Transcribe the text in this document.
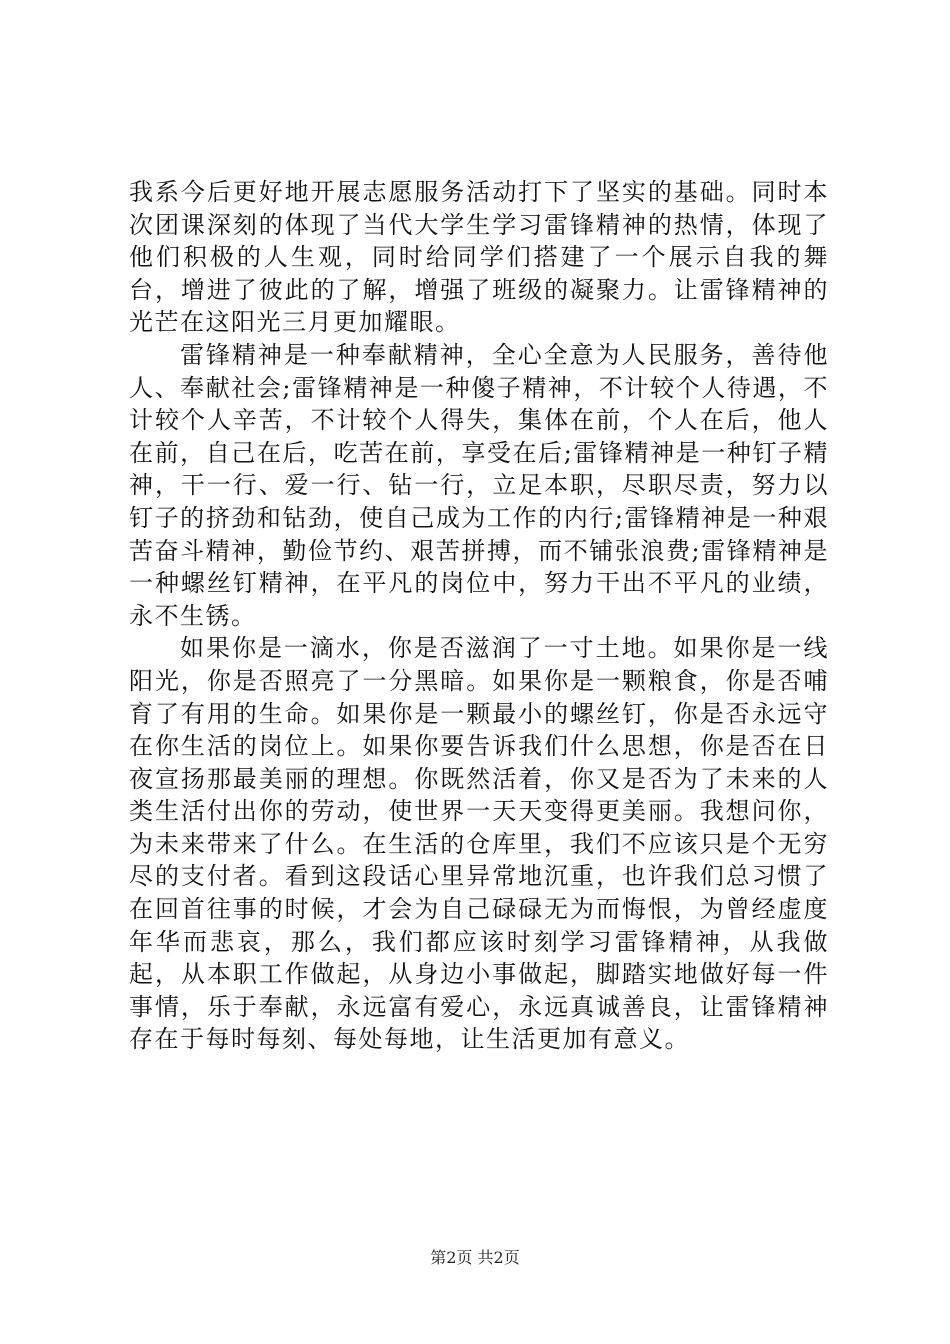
我系今后更好地开展志愿服务活动打下了坚实的基础。同时本次团课深刻的体现了当代大学生学习雷锋精神的热情，体现了他们积极的人生观，同时给同学们搭建了一个展示自我的舞台，增进了彼此的了解，增强了班级的凝聚力。让雷锋精神的光芒在这阳光三月更加耀眼。

雷锋精神是一种奉献精神，全心全意为人民服务，善待他人、奉献社会;雷锋精神是一种傻子精神，不计较个人待遇，不计较个人辛苦，不计较个人得失，集体在前，个人在后，他人在前，自己在后，吃苦在前，享受在后;雷锋精神是一种钉子精神，干一行、爱一行、钻一行，立足本职，尽职尽责，努力以钉子的挤劲和钻劲，使自己成为工作的内行;雷锋精神是一种艰苦奋斗精神，勤俭节约、艰苦拼搏，而不铺张浪费;雷锋精神是一种螺丝钉精神，在平凡的岗位中，努力干出不平凡的业绩，永不生锈。

如果你是一滴水，你是否滋润了一寸土地。如果你是一线阳光，你是否照亮了一分黑暗。如果你是一颗粮食，你是否哺育了有用的生命。如果你是一颗最小的螺丝钉，你是否永远守在你生活的岗位上。如果你要告诉我们什么思想，你是否在日夜宣扬那最美丽的理想。你既然活着，你又是否为了未来的人类生活付出你的劳动，使世界一天天变得更美丽。我想问你，为未来带来了什么。在生活的仓库里，我们不应该只是个无穷尽的支付者。看到这段话心里异常地沉重，也许我们总习惯了在回首往事的时候，才会为自己碌碌无为而悔恨，为曾经虚度年华而悲哀，那么，我们都应该时刻学习雷锋精神，从我做起，从本职工作做起，从身边小事做起，脚踏实地做好每一件事情，乐于奉献，永远富有爱心，永远真诚善良，让雷锋精神存在于每时每刻、每处每地，让生活更加有意义。

第2页 共2页
